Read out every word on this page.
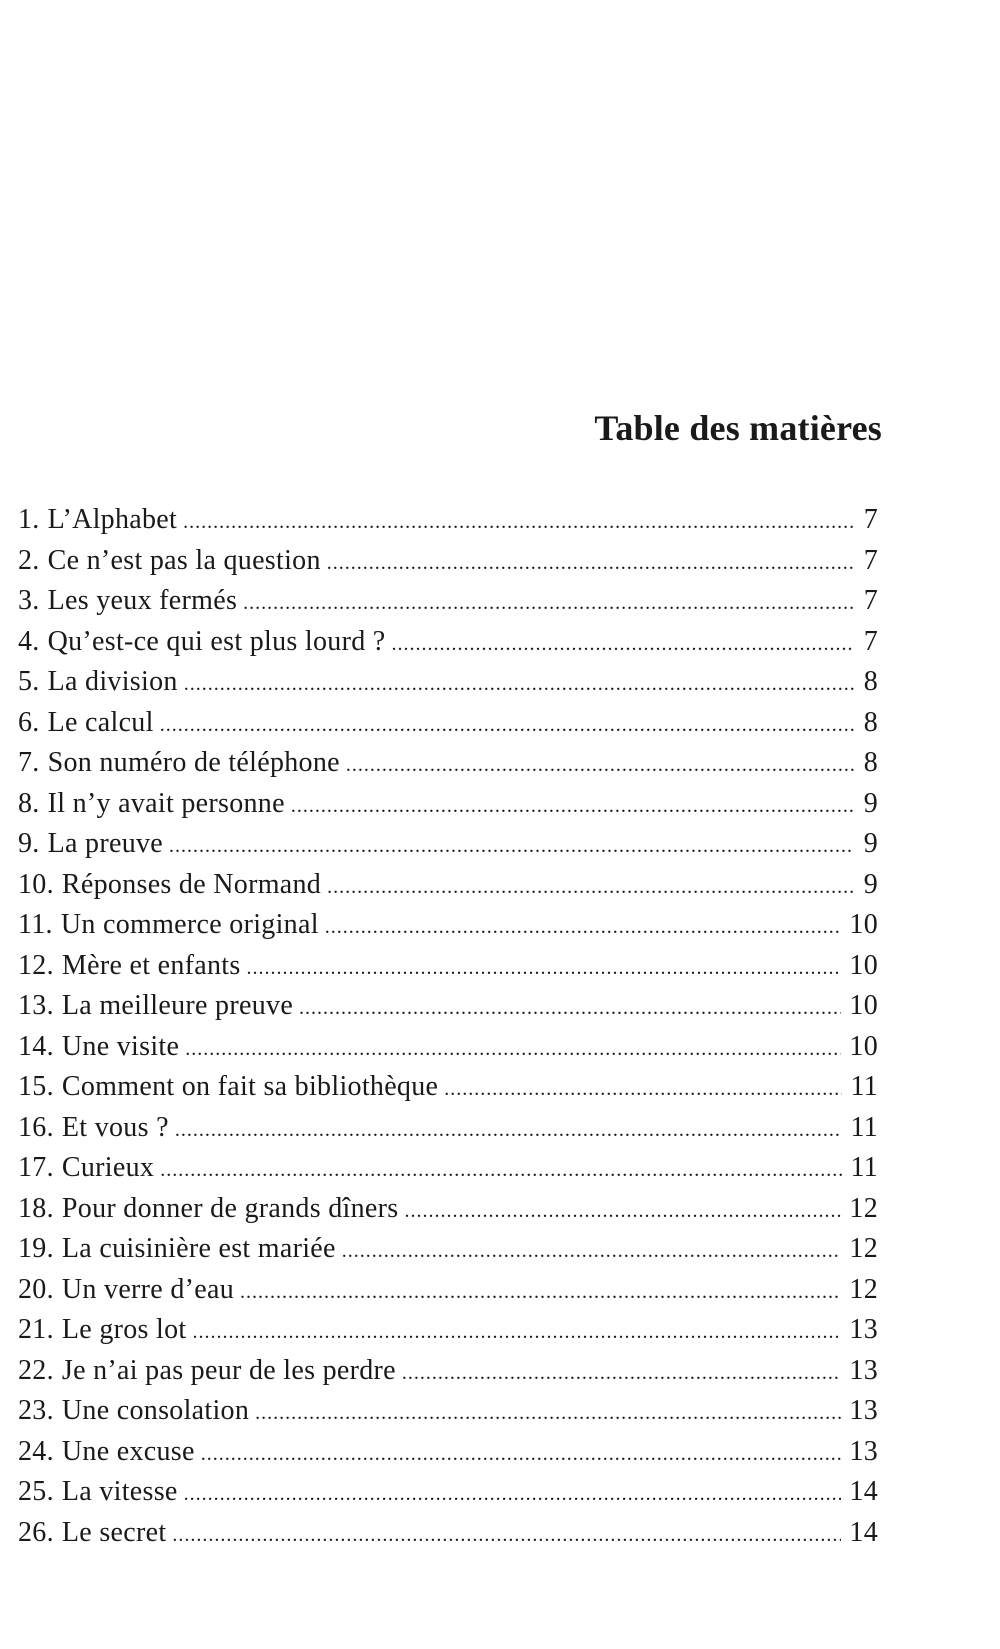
Table des matières
1. L’Alphabet .....	7
2. Ce n’est pas la question .....	7
3. Les yeux fermés .....	7
4. Qu’est-ce qui est plus lourd ? .....	7
5. La division .....	8
6. Le calcul .....	8
7. Son numéro de téléphone .....	8
8. Il n’y avait personne .....	9
9. La preuve .....	9
10. Réponses de Normand .....	9
11. Un commerce original .....	10
12. Mère et enfants .....	10
13. La meilleure preuve .....	10
14. Une visite .....	10
15. Comment on fait sa bibliothèque .....	11
16. Et vous ? .....	11
17. Curieux .....	11
18. Pour donner de grands dîners .....	12
19. La cuisinière est mariée .....	12
20. Un verre d’eau .....	12
21. Le gros lot .....	13
22. Je n’ai pas peur de les perdre .....	13
23. Une consolation .....	13
24. Une excuse .....	13
25. La vitesse .....	14
26. Le secret .....	14
